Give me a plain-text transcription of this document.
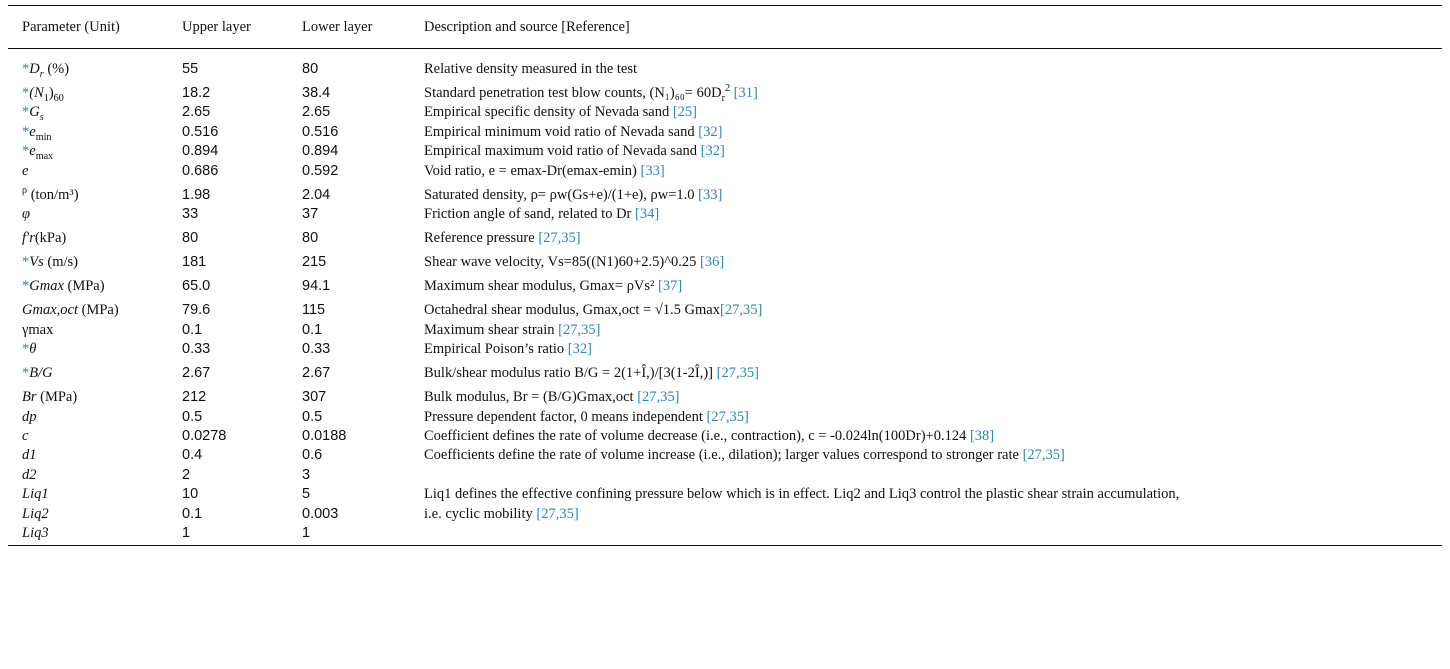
Parameter (Unit)	Upper layer	Lower layer	Description and source [Reference]
$*D_r$ (%)	55	80	Relative density measured in the test
$*(N_1)_{60}$	18.2	38.4	Standard penetration test blow counts, $(N_1)_{60}= 60D_r^2$ [31]
$*G_s$	2.65	2.65	Empirical specific density of Nevada sand [25]
$*e_{min}$	0.516	0.516	Empirical minimum void ratio of Nevada sand [32]
$*e_{max}$	0.894	0.894	Empirical maximum void ratio of Nevada sand [32]
e	0.686	0.592	Void ratio, e = emax-Dr(emax-emin) [33]
$^\rho$ (ton/m³)	1.98	2.04	Saturated density, ρ= ρw(Gs+e)/(1+e), ρw=1.0 [33]
φ	33	37	Friction angle of sand, related to Dr [34]
f′r(kPa)	80	80	Reference pressure [27,35]
*Vs (m/s)	181	215	Shear wave velocity, Vs=85((N1)60+2.5)^0.25 [36]
*Gmax (MPa)	65.0	94.1	Maximum shear modulus, Gmax= ρVs² [37]
Gmax,oct (MPa)	79.6	115	Octahedral shear modulus, Gmax,oct = √1.5 Gmax[27,35]
γmax	0.1	0.1	Maximum shear strain [27,35]
*θ	0.33	0.33	Empirical Poison’s ratio [32]
*B/G	2.67	2.67	Bulk/shear modulus ratio B/G = 2(1+Î,)/[3(1-2Î,)] [27,35]
Br (MPa)	212	307	Bulk modulus, Br = (B/G)Gmax,oct [27,35]
dp	0.5	0.5	Pressure dependent factor, 0 means independent [27,35]
c	0.0278	0.0188	Coefficient defines the rate of volume decrease (i.e., contraction), c = -0.024ln(100Dr)+0.124 [38]
d1	0.4	0.6	Coefficients define the rate of volume increase (i.e., dilation); larger values correspond to stronger rate [27,35]
d2	2	3	
Liq1	10	5	Liq1 defines the effective confining pressure below which is in effect. Liq2 and Liq3 control the plastic shear strain accumulation,
Liq2	0.1	0.003	i.e. cyclic mobility [27,35]
Liq3	1	1	
